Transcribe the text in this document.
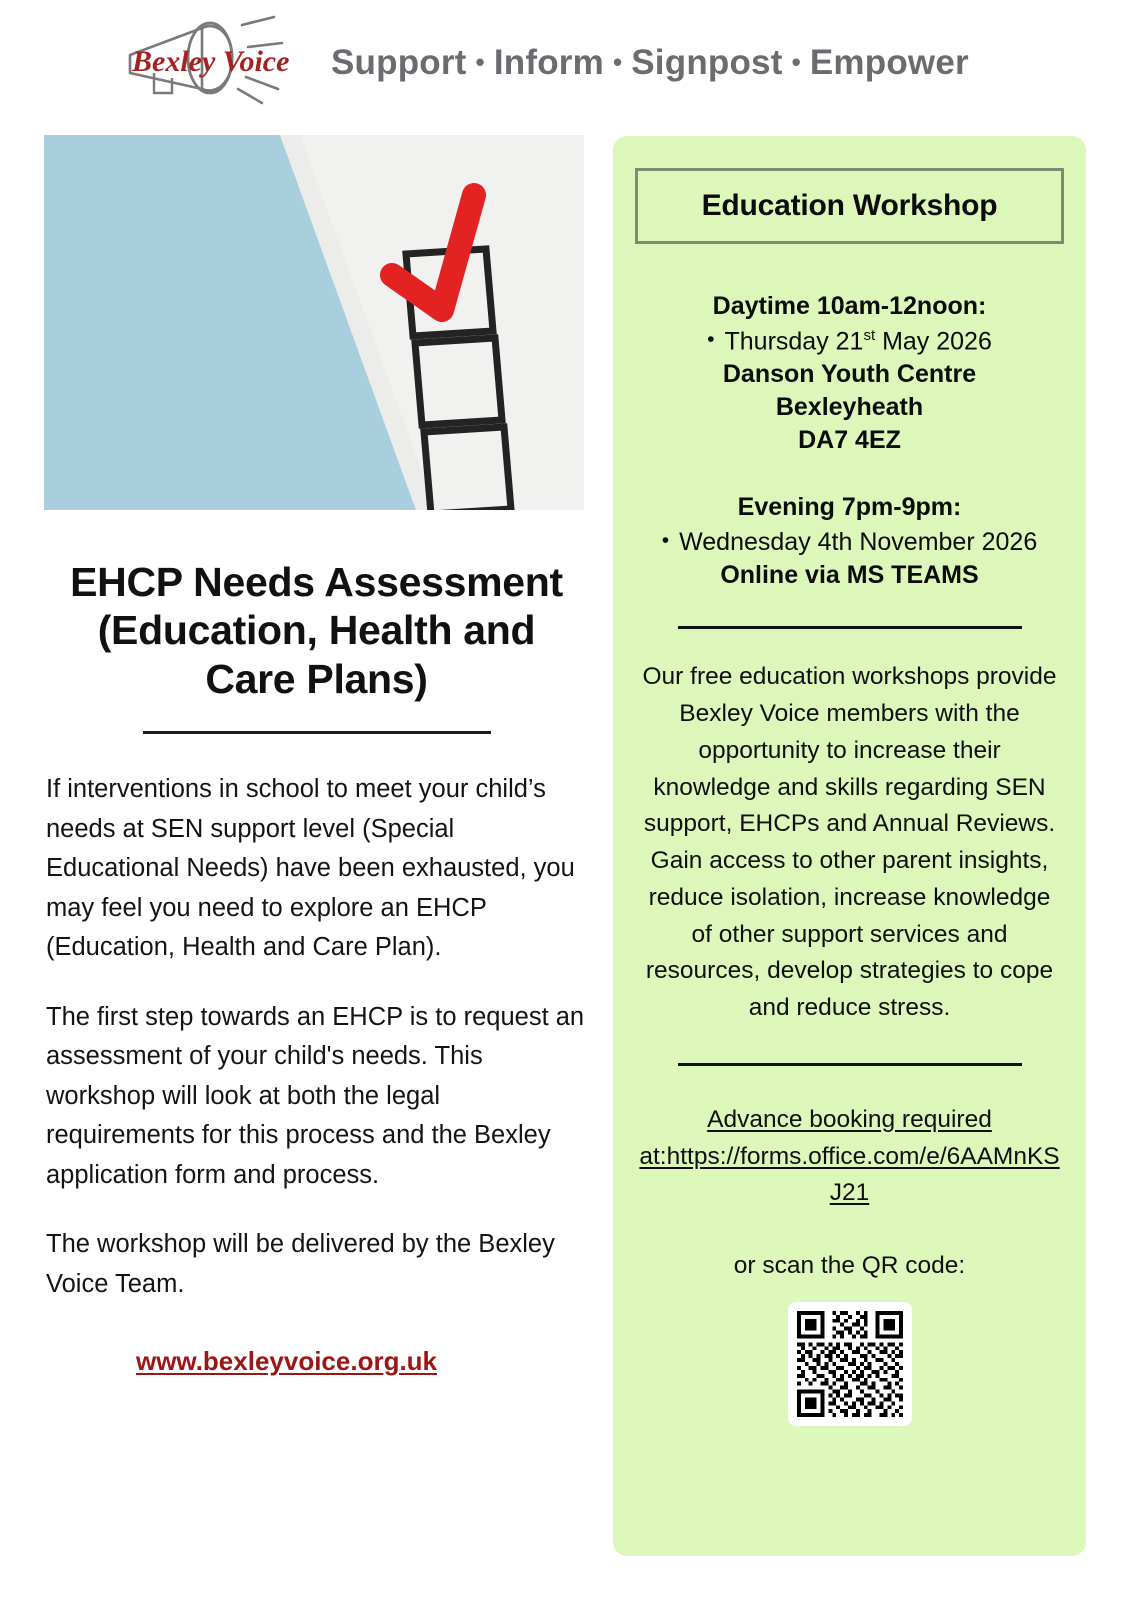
Bexley Voice Support • Inform • Signpost • Empower
EHCP Needs Assessment
(Education, Health and
Care Plans)

If interventions in school to meet your child’s needs at SEN support level (Special Educational Needs) have been exhausted, you may feel you need to explore an EHCP (Education, Health and Care Plan).

The first step towards an EHCP is to request an assessment of your child's needs. This workshop will look at both the legal requirements for this process and the Bexley application form and process.

The workshop will be delivered by the Bexley Voice Team.

www.bexleyvoice.org.uk
Education Workshop
Daytime 10am-12noon:
• Thursday 21st May 2026
Danson Youth Centre
Bexleyheath
DA7 4EZ
Evening 7pm-9pm:
• Wednesday 4th November 2026
Online via MS TEAMS
Our free education workshops provide Bexley Voice members with the opportunity to increase their knowledge and skills regarding SEN support, EHCPs and Annual Reviews. Gain access to other parent insights, reduce isolation, increase knowledge of other support services and resources, develop strategies to cope and reduce stress.
Advance booking required at:https://forms.office.com/e/6AAMnKSJ21
or scan the QR code:
